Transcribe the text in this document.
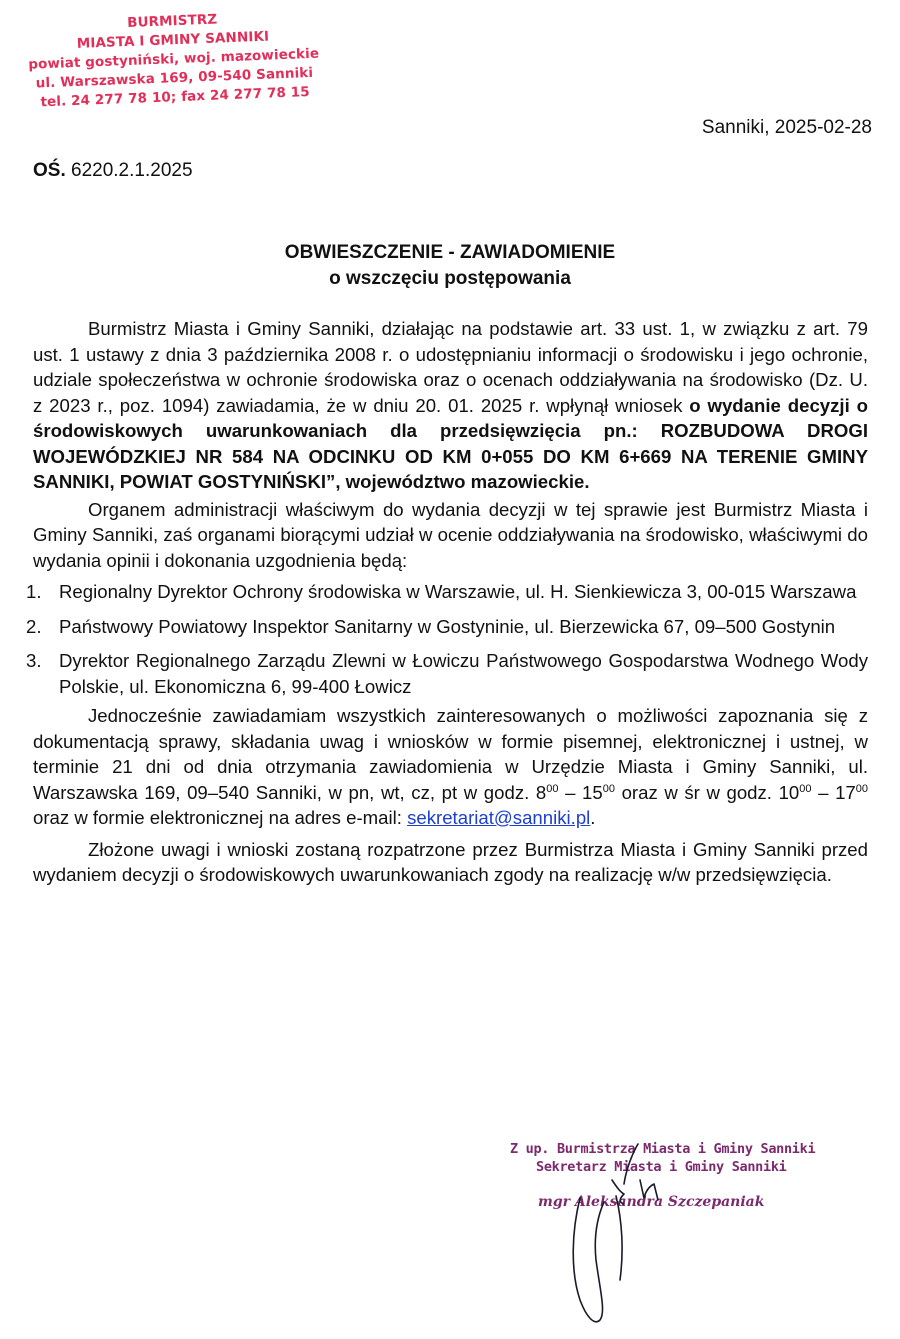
BURMISTRZ
MIASTA I GMINY SANNIKI
powiat gostyniński, woj. mazowieckie
ul. Warszawska 169, 09-540 Sanniki
tel. 24 277 78 10; fax 24 277 78 15
Sanniki, 2025-02-28
OŚ. 6220.2.1.2025
OBWIESZCZENIE - ZAWIADOMIENIE
o wszczęciu postępowania

Burmistrz Miasta i Gminy Sanniki, działając na podstawie art. 33 ust. 1, w związku z art. 79 ust. 1 ustawy z dnia 3 października 2008 r. o udostępnianiu informacji o środowisku i jego ochronie, udziale społeczeństwa w ochronie środowiska oraz o ocenach oddziaływania na środowisko (Dz. U. z 2023 r., poz. 1094) zawiadamia, że w dniu 20. 01. 2025 r. wpłynął wniosek o wydanie decyzji o środowiskowych uwarunkowaniach dla przedsięwzięcia pn.: ROZBUDOWA DROGI WOJEWÓDZKIEJ NR 584 NA ODCINKU OD KM 0+055 DO KM 6+669 NA TERENIE GMINY SANNIKI, POWIAT GOSTYNIŃSKI”, województwo mazowieckie.

Organem administracji właściwym do wydania decyzji w tej sprawie jest Burmistrz Miasta i Gminy Sanniki, zaś organami biorącymi udział w ocenie oddziaływania na środowisko, właściwymi do wydania opinii i dokonania uzgodnienia będą:

1. Regionalny Dyrektor Ochrony środowiska w Warszawie, ul. H. Sienkiewicza 3, 00-015 Warszawa
2. Państwowy Powiatowy Inspektor Sanitarny w Gostyninie, ul. Bierzewicka 67, 09–500 Gostynin
3. Dyrektor Regionalnego Zarządu Zlewni w Łowiczu Państwowego Gospodarstwa Wodnego Wody Polskie, ul. Ekonomiczna 6, 99-400 Łowicz

Jednocześnie zawiadamiam wszystkich zainteresowanych o możliwości zapoznania się z dokumentacją sprawy, składania uwag i wniosków w formie pisemnej, elektronicznej i ustnej, w terminie 21 dni od dnia otrzymania zawiadomienia w Urzędzie Miasta i Gminy Sanniki, ul. Warszawska 169, 09–540 Sanniki, w pn, wt, cz, pt w godz. $8^{00} - 15^{00}$ oraz w śr w godz. $10^{00} - 17^{00}$ oraz w formie elektronicznej na adres e-mail: sekretariat@sanniki.pl.

Złożone uwagi i wnioski zostaną rozpatrzone przez Burmistrza Miasta i Gminy Sanniki przed wydaniem decyzji o środowiskowych uwarunkowaniach zgody na realizację w/w przedsięwzięcia.

Z up. Burmistrza Miasta i Gminy Sanniki
Sekretarz Miasta i Gminy Sanniki
mgr Aleksandra Szczepaniak
